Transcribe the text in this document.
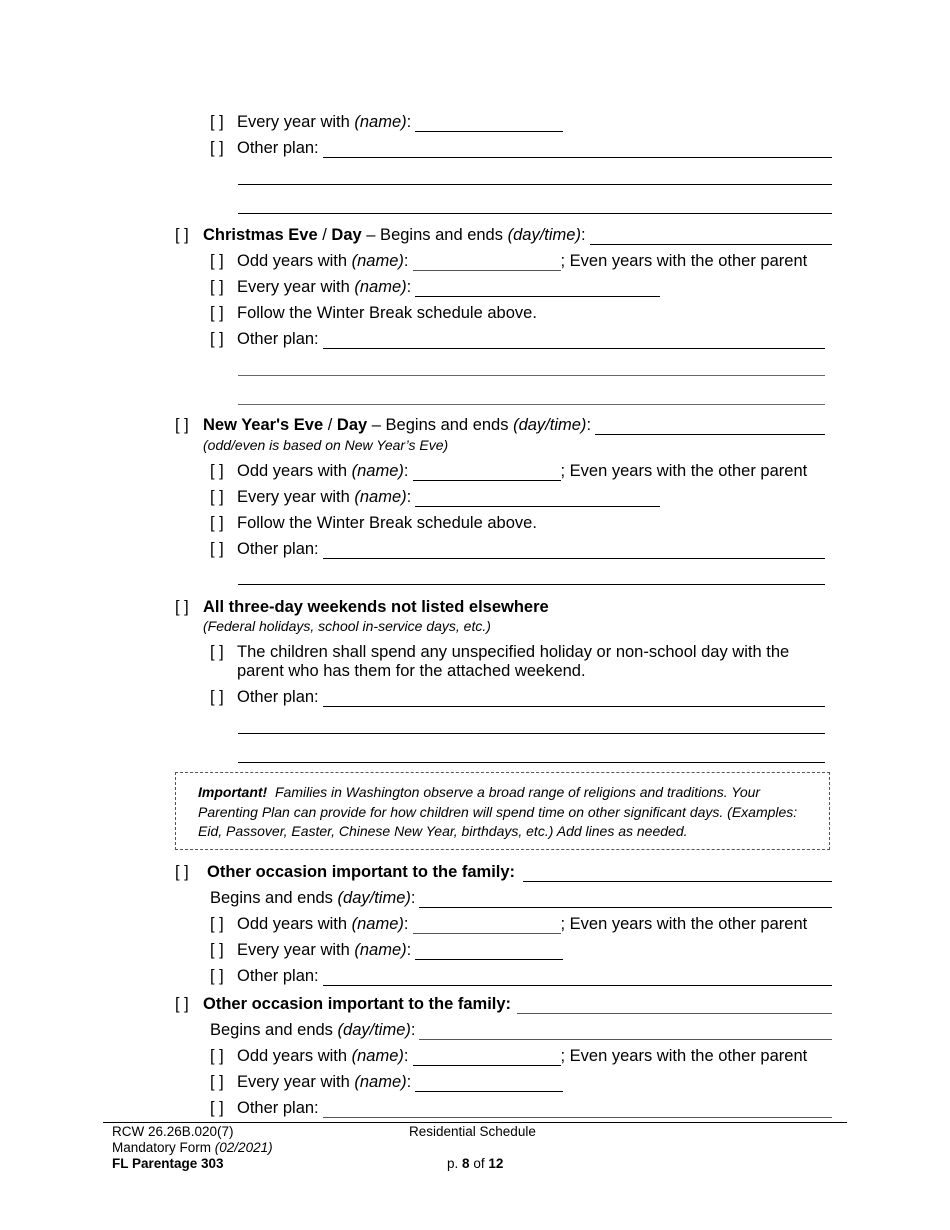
[ ] Every year with
(name) :
[ ] Other plan:
[ ] Christmas Eve
/
Day
– Begins and ends
(day/time) :
[ ] Odd years with
(name) :	; Even years with the other parent
[ ] Every year with
(name) :
[ ] Follow the Winter Break schedule above.
[ ] Other plan:
[ ] New Year's Eve
/
Day
– Begins and ends
(day/time) :
(odd/even is based on New Year’s Eve)
[ ] Odd years with
(name) :	; Even years with the other parent
[ ] Every year with
(name) :
[ ] Follow the Winter Break schedule above.
[ ] Other plan:
[ ] All three-day weekends not listed elsewhere
(Federal holidays, school in-service days, etc.)
[ ] The children shall spend any unspecified holiday or non-school day with the
parent who has them for the attached weekend.
[ ] Other plan:
Important! Families in Washington observe a broad range of religions and traditions. Your Parenting Plan can provide for how children will spend time on other significant days. (Examples: Eid, Passover, Easter, Chinese New Year, birthdays, etc.) Add lines as needed.
[ ]	Other occasion important to the family:
Begins and ends
(day/time) :
[ ] Odd years with
(name) :	; Even years with the other parent
[ ] Every year with
(name) :
[ ] Other plan:
[ ] Other occasion important to the family:
Begins and ends
(day/time) :
[ ] Odd years with
(name) :	; Even years with the other parent
[ ] Every year with
(name) :
[ ] Other plan:
RCW 26.26B.020(7)
Mandatory Form (02/2021)
FL Parentage 303
Residential Schedule
p. 8 of 12
